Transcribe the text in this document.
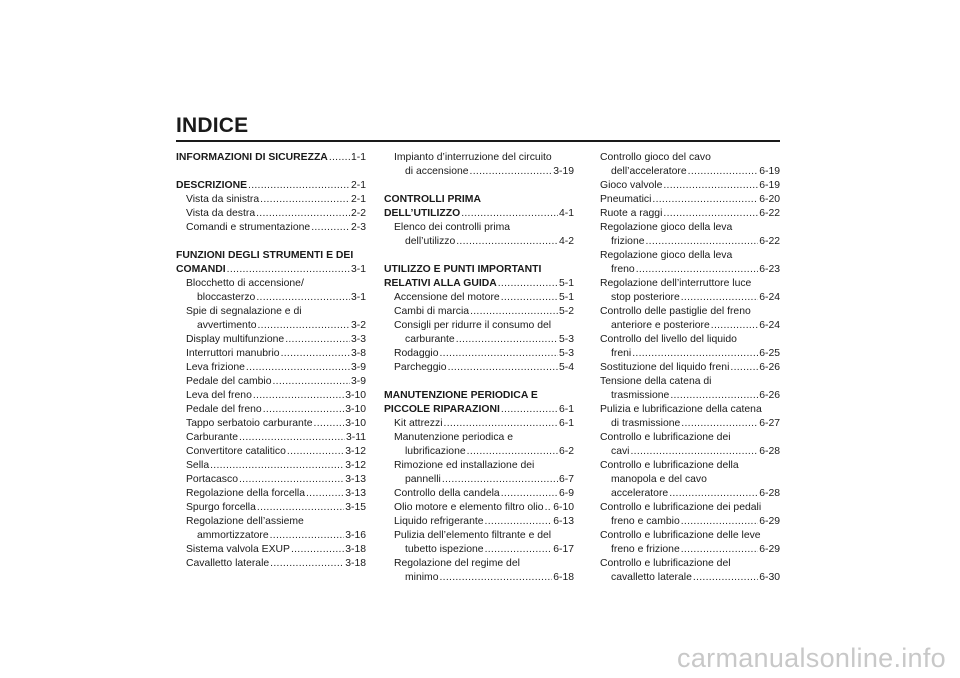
INDICE
INFORMAZIONI DI SICUREZZA . . . 1-1
DESCRIZIONE . . .	2-1
Vista da sinistra . . .	2-1
Vista da destra . . .	2-2
Comandi e strumentazione . . .	2-3
FUNZIONI DEGLI STRUMENTI E DEI
COMANDI . . .	3-1
Blocchetto di accensione/
bloccasterzo . . .	3-1
Spie di segnalazione e di
avvertimento . . .	3-2
Display multifunzione . . .	3-3
Interruttori manubrio . . .	3-8
Leva frizione . . .	3-9
Pedale del cambio . . .	3-9
Leva del freno . . .	3-10
Pedale del freno . . .	3-10
Tappo serbatoio carburante . . .	3-10
Carburante . . .	3-11
Convertitore catalitico . . .	3-12
Sella . . .	3-12
Portacasco . . .	3-13
Regolazione della forcella . . .	3-13
Spurgo forcella . . .	3-15
Regolazione dell’assieme
ammortizzatore . . .	3-16
Sistema valvola EXUP . . .	3-18
Cavalletto laterale . . .	3-18
Impianto d’interruzione del circuito
di accensione . . .	3-19
CONTROLLI PRIMA
DELL’UTILIZZO . . .	4-1
Elenco dei controlli prima
dell’utilizzo . . .	4-2
UTILIZZO E PUNTI IMPORTANTI
RELATIVI ALLA GUIDA . . .	5-1
Accensione del motore . . .	5-1
Cambi di marcia . . .	5-2
Consigli per ridurre il consumo del
carburante . . .	5-3
Rodaggio . . .	5-3
Parcheggio . . .	5-4
MANUTENZIONE PERIODICA E
PICCOLE RIPARAZIONI . . .	6-1
Kit attrezzi . . .	6-1
Manutenzione periodica e
lubrificazione . . .	6-2
Rimozione ed installazione dei
pannelli . . .	6-7
Controllo della candela . . .	6-9
Olio motore e elemento filtro olio . . . 6-10
Liquido refrigerante . . .	6-13
Pulizia dell’elemento filtrante e del
tubetto ispezione . . .	6-17
Regolazione del regime del
minimo . . .	6-18
Controllo gioco del cavo
dell’acceleratore . . .	6-19
Gioco valvole . . .	6-19
Pneumatici . . .	6-20
Ruote a raggi . . .	6-22
Regolazione gioco della leva
frizione . . .	6-22
Regolazione gioco della leva
freno . . .	6-23
Regolazione dell’interruttore luce
stop posteriore . . .	6-24
Controllo delle pastiglie del freno
anteriore e posteriore . . .	6-24
Controllo del livello del liquido
freni . . .	6-25
Sostituzione del liquido freni . . .	6-26
Tensione della catena di
trasmissione . . .	6-26
Pulizia e lubrificazione della catena
di trasmissione . . .	6-27
Controllo e lubrificazione dei
cavi . . .	6-28
Controllo e lubrificazione della
manopola e del cavo
acceleratore . . .	6-28
Controllo e lubrificazione dei pedali
freno e cambio . . .	6-29
Controllo e lubrificazione delle leve
freno e frizione . . .	6-29
Controllo e lubrificazione del
cavalletto laterale . . .	6-30
carmanualsonline.info
